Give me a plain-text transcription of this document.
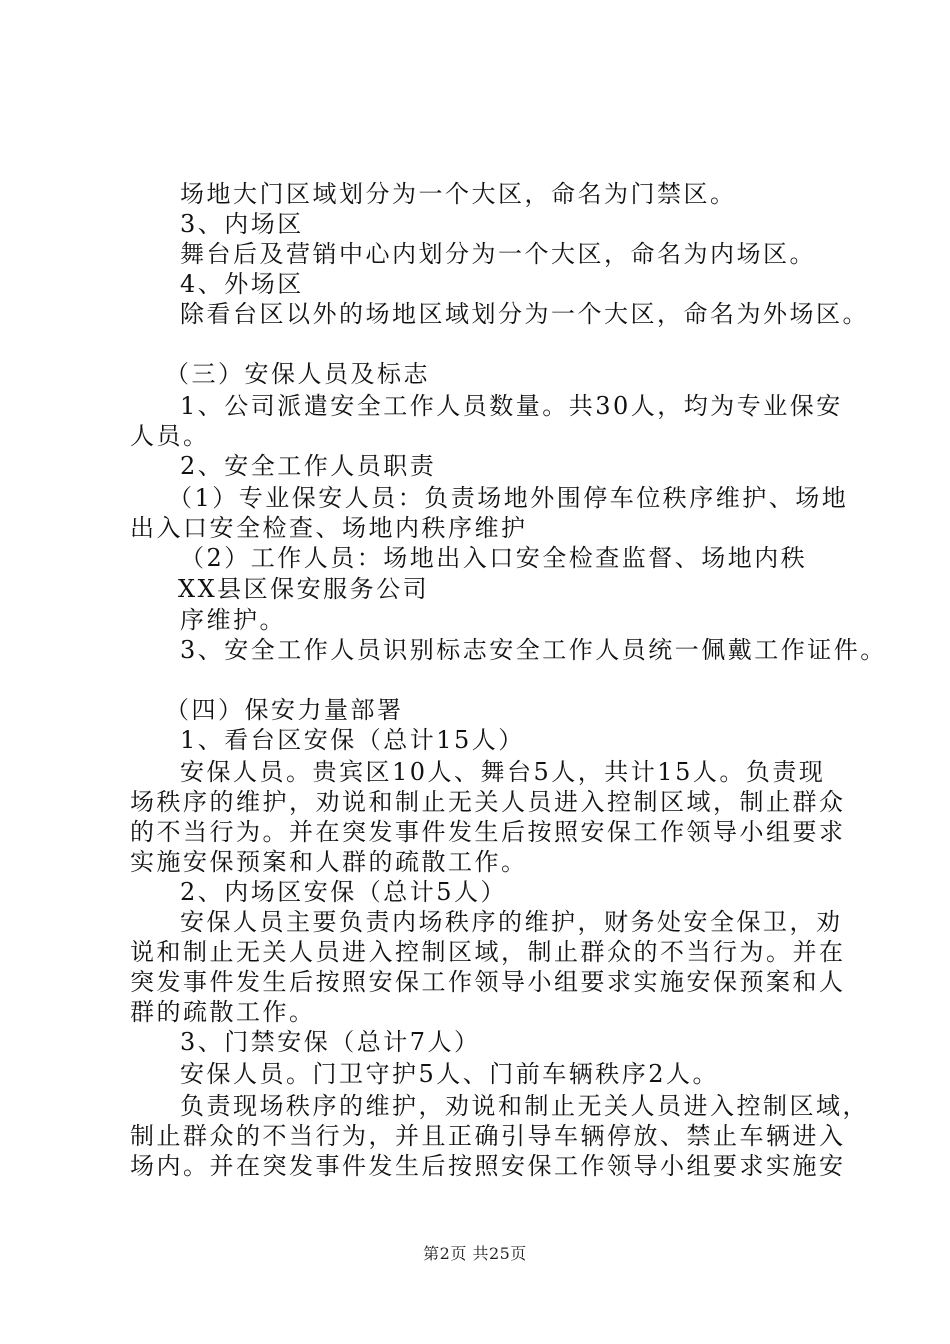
场地大门区域划分为一个大区，命名为门禁区。
3、内场区
舞台后及营销中心内划分为一个大区，命名为内场区。
4、外场区
除看台区以外的场地区域划分为一个大区，命名为外场区。
（三）安保人员及标志
1、公司派遣安全工作人员数量。共30人，均为专业保安
人员。
2、安全工作人员职责
（1）专业保安人员：负责场地外围停车位秩序维护、场地
出入口安全检查、场地内秩序维护
（2）工作人员：场地出入口安全检查监督、场地内秩
XX县区保安服务公司
序维护。
3、安全工作人员识别标志安全工作人员统一佩戴工作证件。
（四）保安力量部署
1、看台区安保（总计15人）
安保人员。贵宾区10人、舞台5人，共计15人。负责现
场秩序的维护，劝说和制止无关人员进入控制区域，制止群众
的不当行为。并在突发事件发生后按照安保工作领导小组要求
实施安保预案和人群的疏散工作。
2、内场区安保（总计5人）
安保人员主要负责内场秩序的维护，财务处安全保卫，劝
说和制止无关人员进入控制区域，制止群众的不当行为。并在
突发事件发生后按照安保工作领导小组要求实施安保预案和人
群的疏散工作。
3、门禁安保（总计7人）
安保人员。门卫守护5人、门前车辆秩序2人。
负责现场秩序的维护，劝说和制止无关人员进入控制区域，
制止群众的不当行为，并且正确引导车辆停放、禁止车辆进入
场内。并在突发事件发生后按照安保工作领导小组要求实施安
第2页 共25页
